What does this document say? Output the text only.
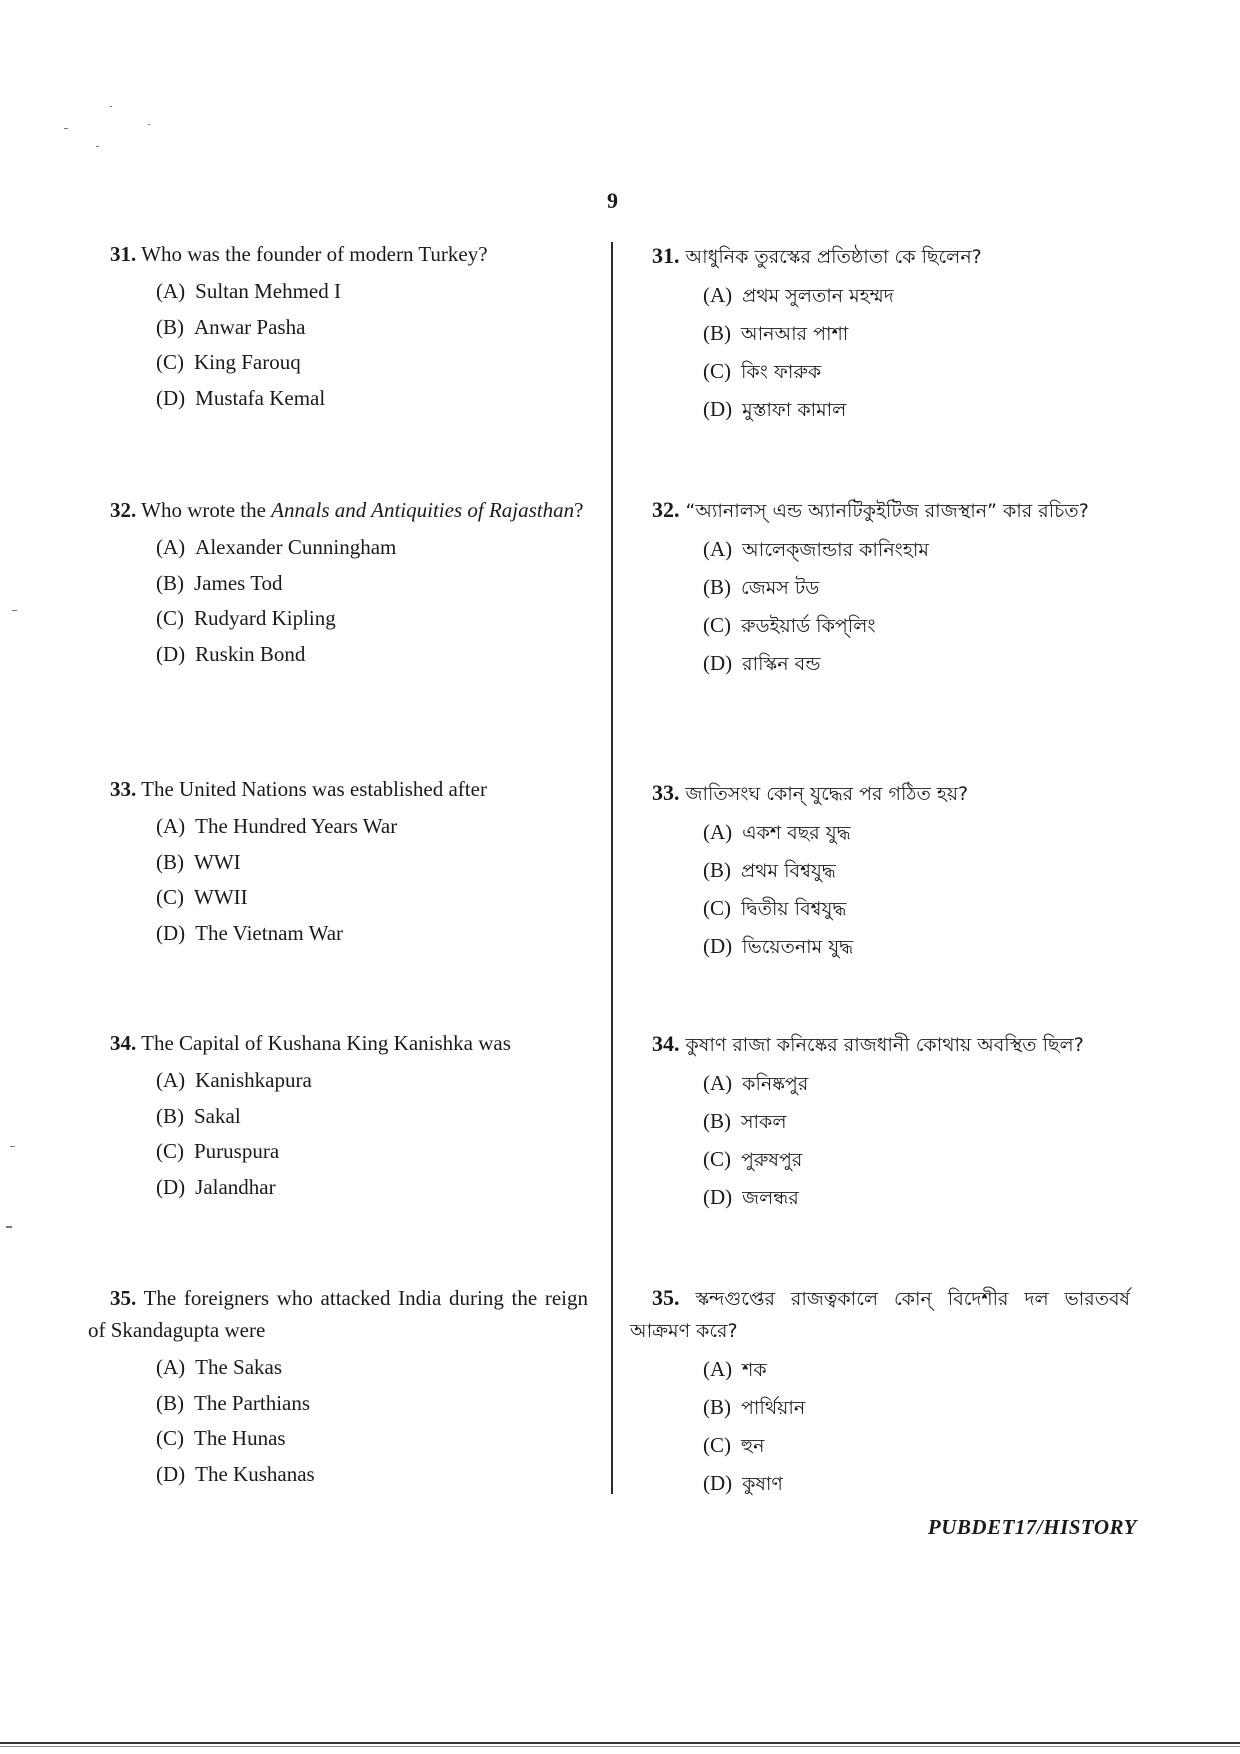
9
31. Who was the founder of modern Turkey?
(A) Sultan Mehmed I
(B) Anwar Pasha
(C) King Farouq
(D) Mustafa Kemal
32. Who wrote the Annals and Antiquities of Rajasthan?
(A) Alexander Cunningham
(B) James Tod
(C) Rudyard Kipling
(D) Ruskin Bond
33. The United Nations was established after
(A) The Hundred Years War
(B) WWI
(C) WWII
(D) The Vietnam War
34. The Capital of Kushana King Kanishka was
(A) Kanishkapura
(B) Sakal
(C) Puruspura
(D) Jalandhar
35. The foreigners who attacked India during the reign of Skandagupta were
(A) The Sakas
(B) The Parthians
(C) The Hunas
(D) The Kushanas
31. আধুনিক তুরস্কের প্রতিষ্ঠাতা কে ছিলেন?
(A) প্রথম সুলতান মহম্মদ
(B) আনআর পাশা
(C) কিং ফারুক
(D) মুস্তাফা কামাল
32. “অ্যানালস্ এন্ড অ্যানটিকুইটিজ রাজস্থান” কার রচিত?
(A) আলেক্‌জান্ডার কানিংহাম
(B) জেমস টড
(C) রুডইয়ার্ড কিপ্‌লিং
(D) রাস্কিন বন্ড
33. জাতিসংঘ কোন্ যুদ্ধের পর গঠিত হয়?
(A) একশ বছর যুদ্ধ
(B) প্রথম বিশ্বযুদ্ধ
(C) দ্বিতীয় বিশ্বযুদ্ধ
(D) ভিয়েতনাম যুদ্ধ
34. কুষাণ রাজা কনিষ্কের রাজধানী কোথায় অবস্থিত ছিল?
(A) কনিষ্কপুর
(B) সাকল
(C) পুরুষপুর
(D) জলন্ধর
35. স্কন্দগুপ্তের রাজত্বকালে কোন্ বিদেশীর দল ভারতবর্ষ আক্রমণ করে?
(A) শক
(B) পার্থিয়ান
(C) হুন
(D) কুষাণ
PUBDET17/HISTORY
